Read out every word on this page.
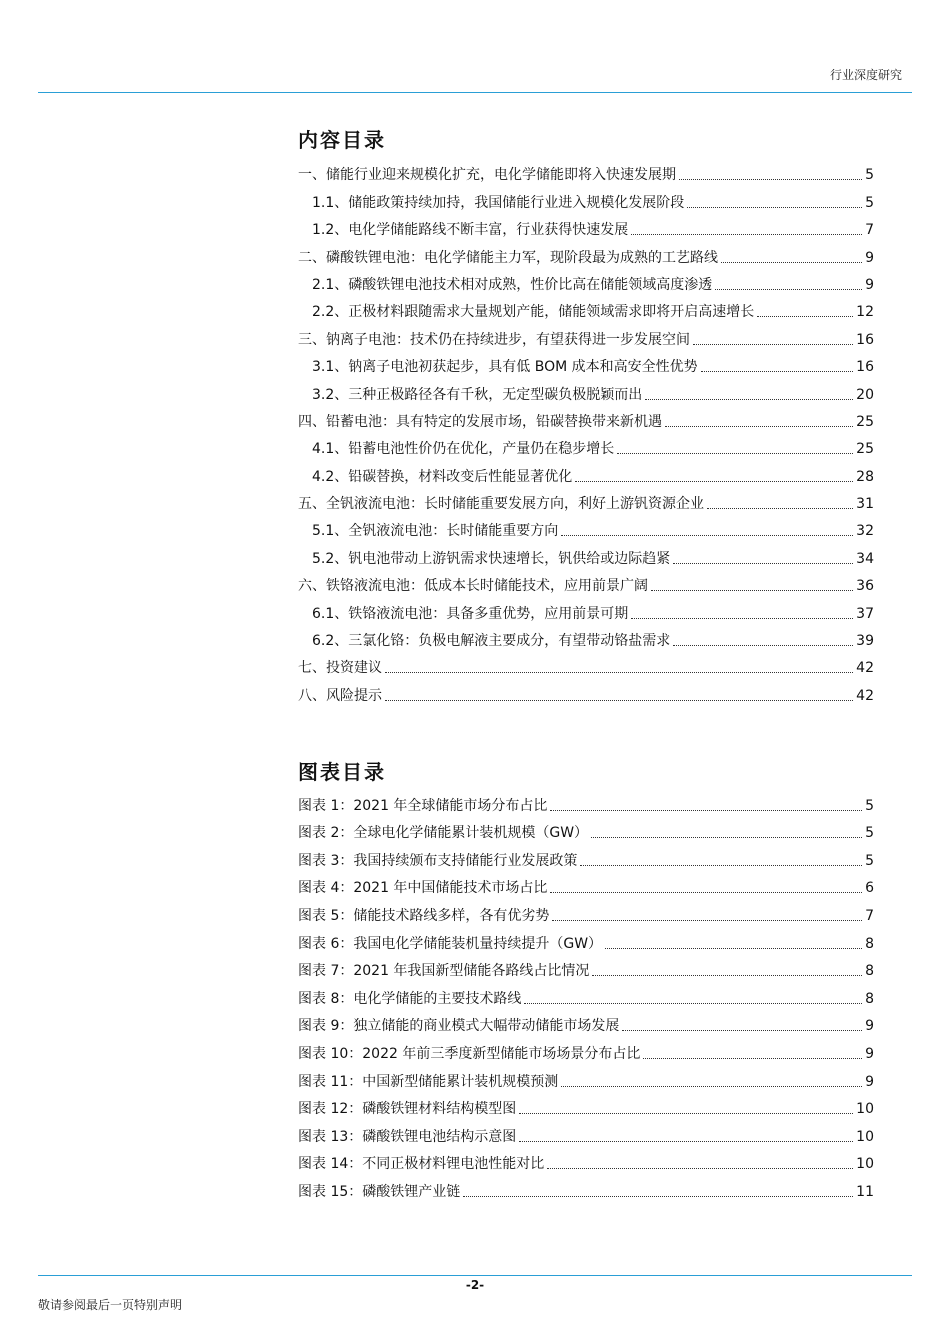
行业深度研究
内容目录
一、储能行业迎来规模化扩充，电化学储能即将入快速发展期	5
1.1、储能政策持续加持，我国储能行业进入规模化发展阶段	5
1.2、电化学储能路线不断丰富，行业获得快速发展	7
二、磷酸铁锂电池：电化学储能主力军，现阶段最为成熟的工艺路线	9
2.1、磷酸铁锂电池技术相对成熟，性价比高在储能领域高度渗透	9
2.2、正极材料跟随需求大量规划产能，储能领域需求即将开启高速增长	12
三、钠离子电池：技术仍在持续进步，有望获得进一步发展空间	16
3.1、钠离子电池初获起步，具有低 BOM 成本和高安全性优势	16
3.2、三种正极路径各有千秋，无定型碳负极脱颖而出	20
四、铅蓄电池：具有特定的发展市场，铅碳替换带来新机遇	25
4.1、铅蓄电池性价仍在优化，产量仍在稳步增长	25
4.2、铅碳替换，材料改变后性能显著优化	28
五、全钒液流电池：长时储能重要发展方向，利好上游钒资源企业	31
5.1、全钒液流电池：长时储能重要方向	32
5.2、钒电池带动上游钒需求快速增长，钒供给或边际趋紧	34
六、铁铬液流电池：低成本长时储能技术，应用前景广阔	36
6.1、铁铬液流电池：具备多重优势，应用前景可期	37
6.2、三氯化铬：负极电解液主要成分，有望带动铬盐需求	39
七、投资建议	42
八、风险提示	42
图表目录
图表 1：2021 年全球储能市场分布占比	5
图表 2：全球电化学储能累计装机规模（GW）	5
图表 3：我国持续颁布支持储能行业发展政策	5
图表 4：2021 年中国储能技术市场占比	6
图表 5：储能技术路线多样，各有优劣势	7
图表 6：我国电化学储能装机量持续提升（GW）	8
图表 7：2021 年我国新型储能各路线占比情况	8
图表 8：电化学储能的主要技术路线	8
图表 9：独立储能的商业模式大幅带动储能市场发展	9
图表 10：2022 年前三季度新型储能市场场景分布占比	9
图表 11：中国新型储能累计装机规模预测	9
图表 12：磷酸铁锂材料结构模型图	10
图表 13：磷酸铁锂电池结构示意图	10
图表 14：不同正极材料锂电池性能对比	10
图表 15：磷酸铁锂产业链	11
-2-
敬请参阅最后一页特别声明
